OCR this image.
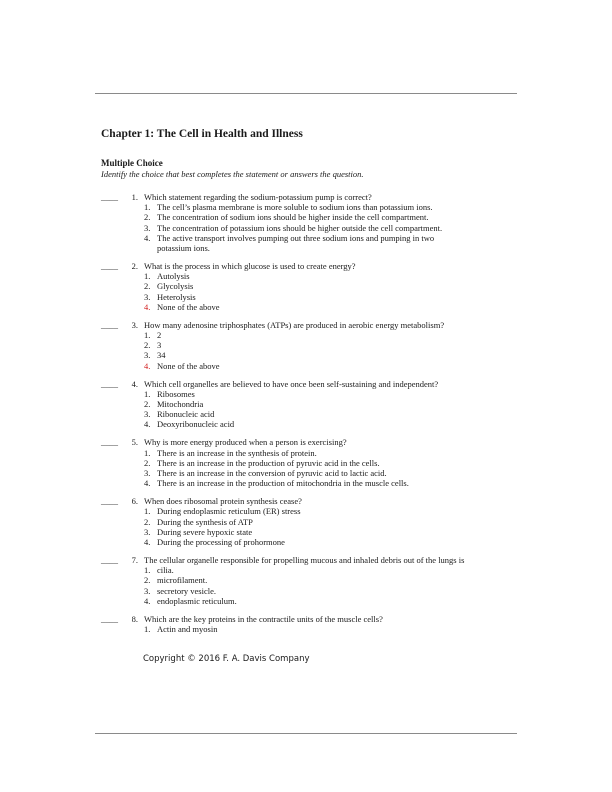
Chapter 1: The Cell in Health and Illness

Multiple Choice

Identify the choice that best completes the statement or answers the question.

____	1. Which statement regarding the sodium-potassium pump is correct?
1. The cell’s plasma membrane is more soluble to sodium ions than potassium ions.
2. The concentration of sodium ions should be higher inside the cell compartment.
3. The concentration of potassium ions should be higher outside the cell compartment.
4. The active transport involves pumping out three sodium ions and pumping in two potassium ions.
____	2. What is the process in which glucose is used to create energy?
1. Autolysis
2. Glycolysis
3. Heterolysis
4. None of the above
____	3. How many adenosine triphosphates (ATPs) are produced in aerobic energy metabolism?
1. 2
2. 3
3. 34
4. None of the above
____	4. Which cell organelles are believed to have once been self-sustaining and independent?
1. Ribosomes
2. Mitochondria
3. Ribonucleic acid
4. Deoxyribonucleic acid
____	5. Why is more energy produced when a person is exercising?
1. There is an increase in the synthesis of protein.
2. There is an increase in the production of pyruvic acid in the cells.
3. There is an increase in the conversion of pyruvic acid to lactic acid.
4. There is an increase in the production of mitochondria in the muscle cells.
____	6. When does ribosomal protein synthesis cease?
1. During endoplasmic reticulum (ER) stress
2. During the synthesis of ATP
3. During severe hypoxic state
4. During the processing of prohormone
____	7. The cellular organelle responsible for propelling mucous and inhaled debris out of the lungs is
1. cilia.
2. microfilament.
3. secretory vesicle.
4. endoplasmic reticulum.
____	8. Which are the key proteins in the contractile units of the muscle cells?
1. Actin and myosin

Copyright © 2016 F. A. Davis Company
